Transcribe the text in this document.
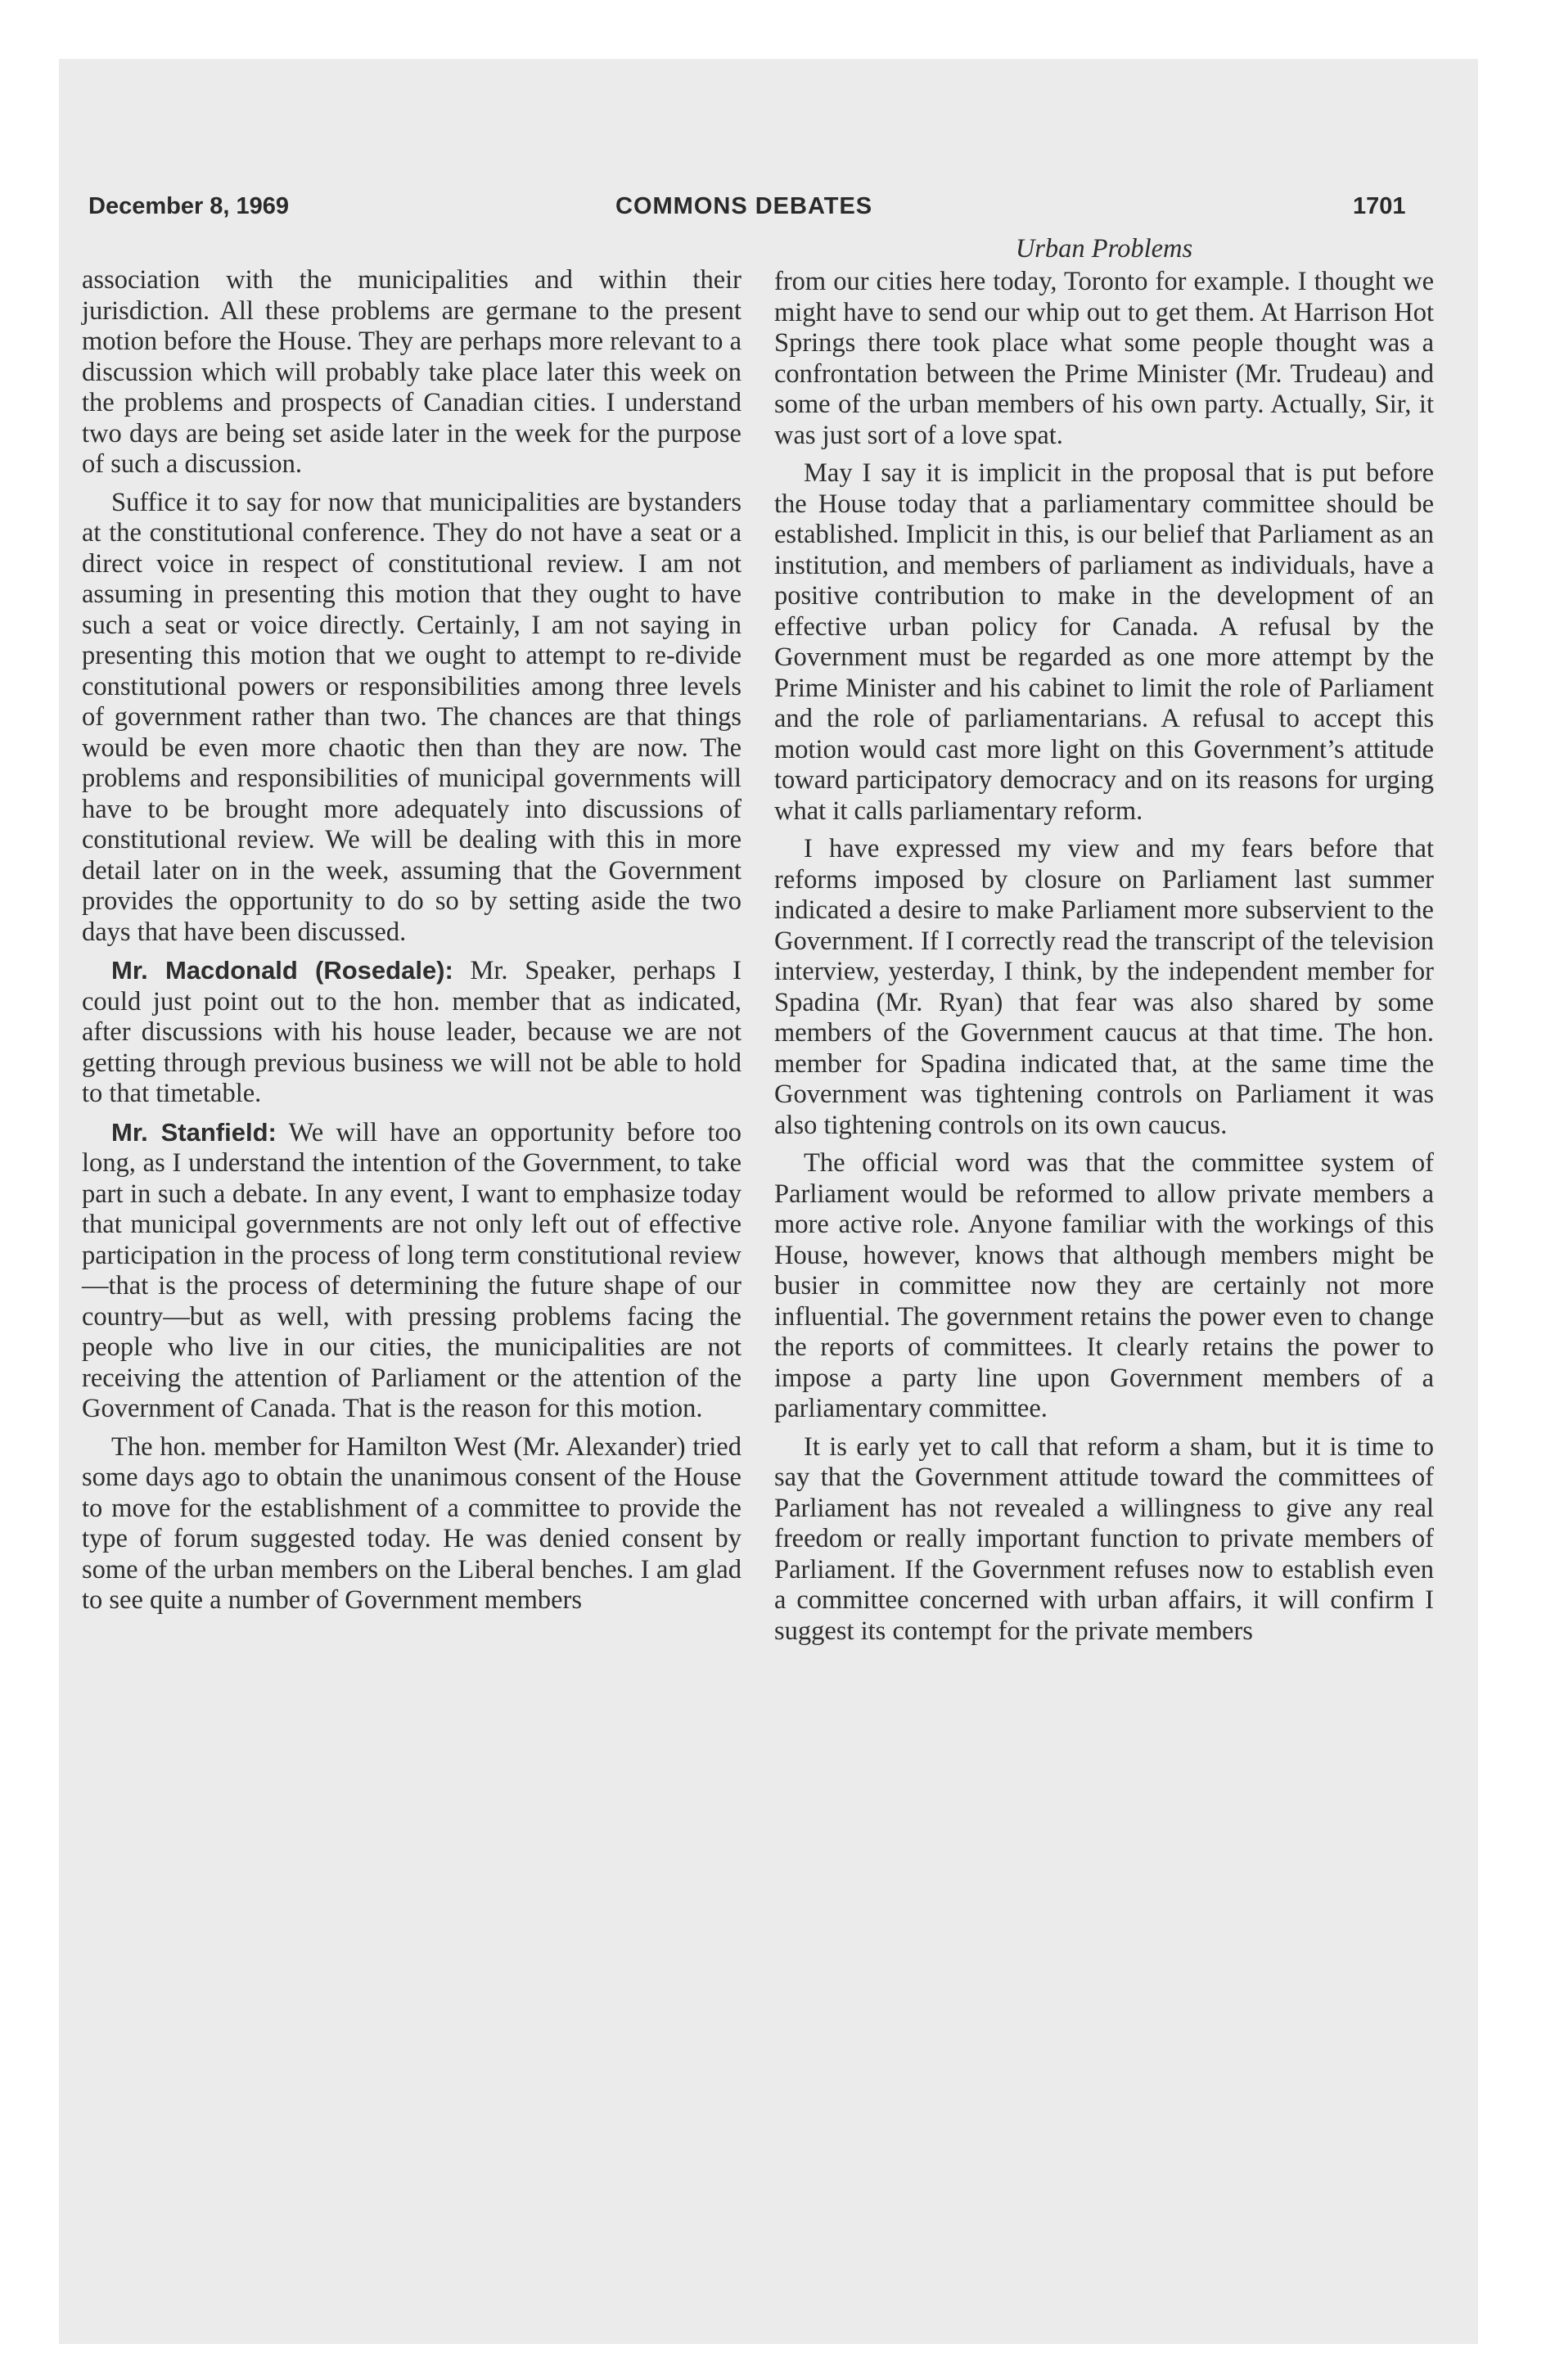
December 8, 1969	COMMONS DEBATES	1701

association with the municipalities and within their jurisdiction. All these problems are germane to the present motion before the House. They are perhaps more relevant to a discussion which will probably take place later this week on the problems and prospects of Canadian cities. I understand two days are being set aside later in the week for the purpose of such a discussion.

Suffice it to say for now that municipalities are bystanders at the constitutional conference. They do not have a seat or a direct voice in respect of constitutional review. I am not assuming in presenting this motion that they ought to have such a seat or voice directly. Certainly, I am not saying in presenting this motion that we ought to attempt to re-divide constitutional powers or responsibilities among three levels of government rather than two. The chances are that things would be even more chaotic then than they are now. The problems and responsibilities of municipal governments will have to be brought more adequately into discussions of constitutional review. We will be dealing with this in more detail later on in the week, assuming that the Government provides the opportunity to do so by setting aside the two days that have been discussed.

Mr. Macdonald (Rosedale): Mr. Speaker, perhaps I could just point out to the hon. member that as indicated, after discussions with his house leader, because we are not getting through previous business we will not be able to hold to that timetable.

Mr. Stanfield: We will have an opportunity before too long, as I understand the intention of the Government, to take part in such a debate. In any event, I want to emphasize today that municipal governments are not only left out of effective participation in the process of long term constitutional review—that is the process of determining the future shape of our country—but as well, with pressing problems facing the people who live in our cities, the municipalities are not receiving the attention of Parliament or the attention of the Government of Canada. That is the reason for this motion.

The hon. member for Hamilton West (Mr. Alexander) tried some days ago to obtain the unanimous consent of the House to move for the establishment of a committee to provide the type of forum suggested today. He was denied consent by some of the urban members on the Liberal benches. I am glad to see quite a number of Government members

Urban Problems

from our cities here today, Toronto for example. I thought we might have to send our whip out to get them. At Harrison Hot Springs there took place what some people thought was a confrontation between the Prime Minister (Mr. Trudeau) and some of the urban members of his own party. Actually, Sir, it was just sort of a love spat.

May I say it is implicit in the proposal that is put before the House today that a parliamentary committee should be established. Implicit in this, is our belief that Parliament as an institution, and members of parliament as individuals, have a positive contribution to make in the development of an effective urban policy for Canada. A refusal by the Government must be regarded as one more attempt by the Prime Minister and his cabinet to limit the role of Parliament and the role of parliamentarians. A refusal to accept this motion would cast more light on this Government’s attitude toward participatory democracy and on its reasons for urging what it calls parliamentary reform.

I have expressed my view and my fears before that reforms imposed by closure on Parliament last summer indicated a desire to make Parliament more subservient to the Government. If I correctly read the transcript of the television interview, yesterday, I think, by the independent member for Spadina (Mr. Ryan) that fear was also shared by some members of the Government caucus at that time. The hon. member for Spadina indicated that, at the same time the Government was tightening controls on Parliament it was also tightening controls on its own caucus.

The official word was that the committee system of Parliament would be reformed to allow private members a more active role. Anyone familiar with the workings of this House, however, knows that although members might be busier in committee now they are certainly not more influential. The government retains the power even to change the reports of committees. It clearly retains the power to impose a party line upon Government members of a parliamentary committee.

It is early yet to call that reform a sham, but it is time to say that the Government attitude toward the committees of Parliament has not revealed a willingness to give any real freedom or really important function to private members of Parliament. If the Government refuses now to establish even a committee concerned with urban affairs, it will confirm I suggest its contempt for the private members
